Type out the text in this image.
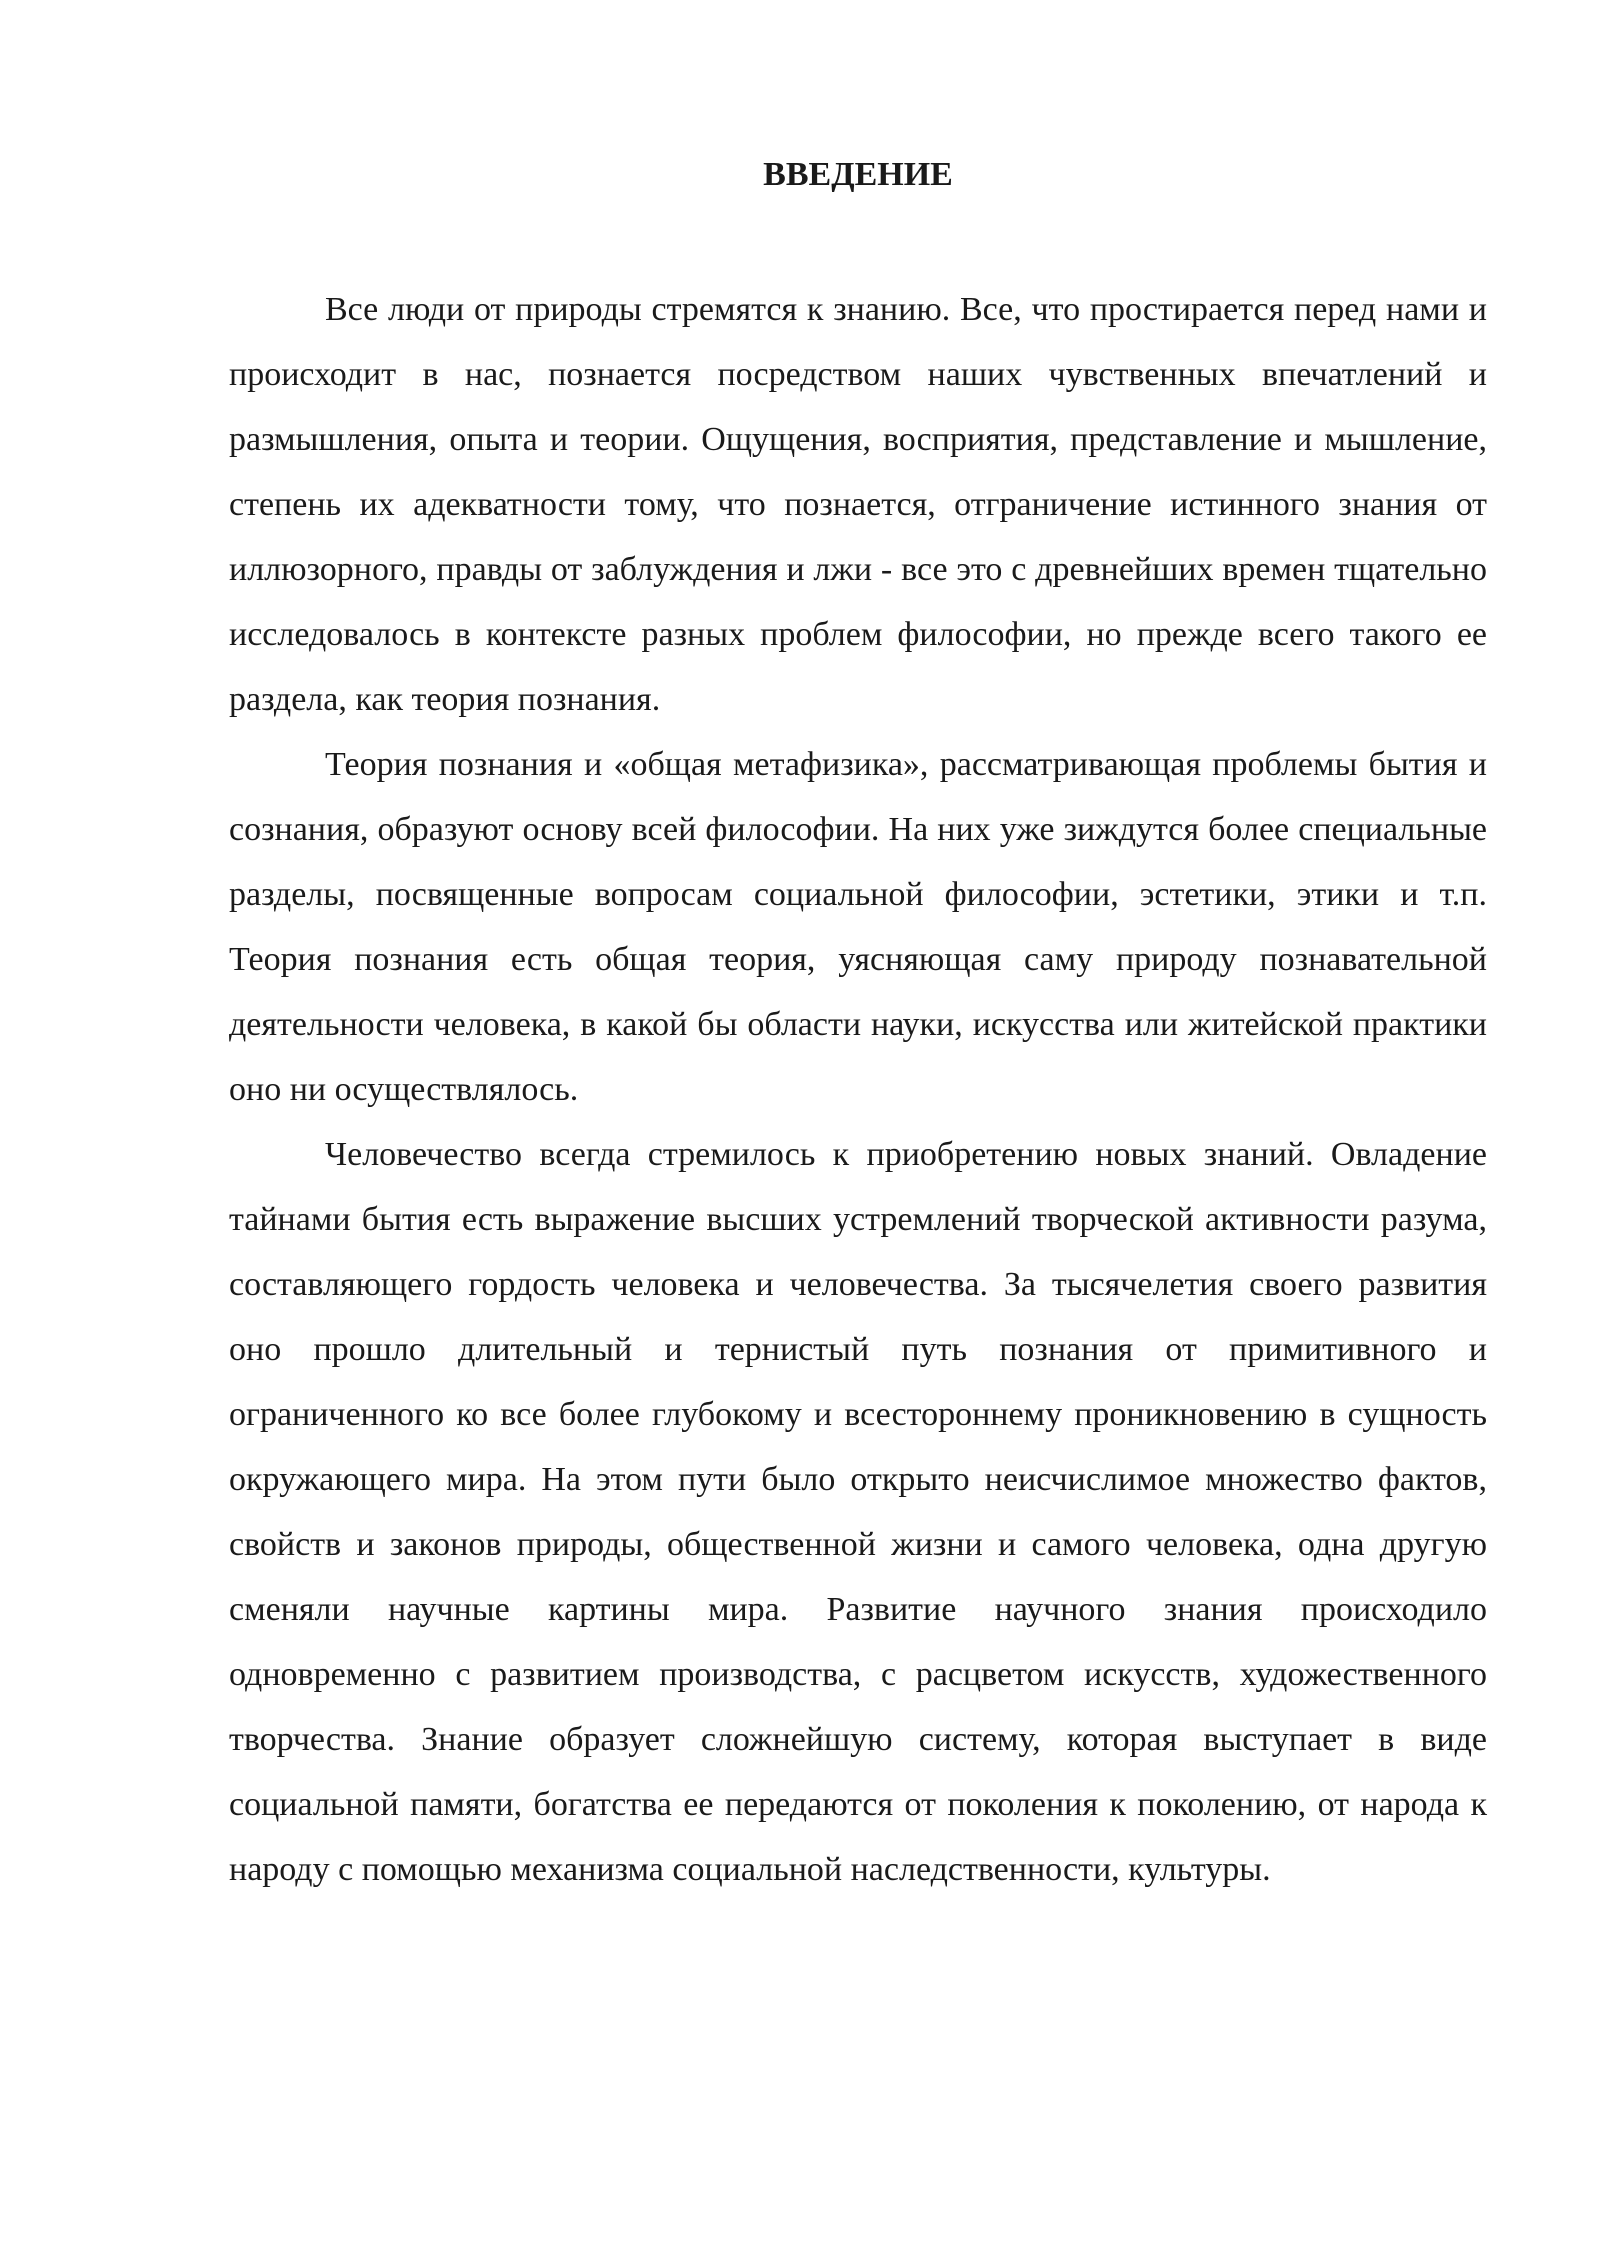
ВВЕДЕНИЕ

Все люди от природы стремятся к знанию. Все, что простирается перед нами и происходит в нас, познается посредством наших чувственных впечатлений и размышления, опыта и теории. Ощущения, восприятия, представление и мышление, степень их адекватности тому, что познается, отграничение истинного знания от иллюзорного, правды от заблуждения и лжи - все это с древнейших времен тщательно исследовалось в контексте разных проблем философии, но прежде всего такого ее раздела, как теория познания.

Теория познания и «общая метафизика», рассматривающая проблемы бытия и сознания, образуют основу всей философии. На них уже зиждутся более специальные разделы, посвященные вопросам социальной философии, эстетики, этики и т.п. Теория познания есть общая теория, уясняющая саму природу познавательной деятельности человека, в какой бы области науки, искусства или житейской практики оно ни осуществлялось.

Человечество всегда стремилось к приобретению новых знаний. Овладение тайнами бытия есть выражение высших устремлений творческой активности разума, составляющего гордость человека и человечества. За тысячелетия своего развития оно прошло длительный и тернистый путь познания от примитивного и ограниченного ко все более глубокому и всестороннему проникновению в сущность окружающего мира. На этом пути было открыто неисчислимое множество фактов, свойств и законов природы, общественной жизни и самого человека, одна другую сменяли научные картины мира. Развитие научного знания происходило одновременно с развитием производства, с расцветом искусств, художественного творчества. Знание образует сложнейшую систему, которая выступает в виде социальной памяти, богатства ее передаются от поколения к поколению, от народа к народу с помощью механизма социальной наследственности, культуры.
